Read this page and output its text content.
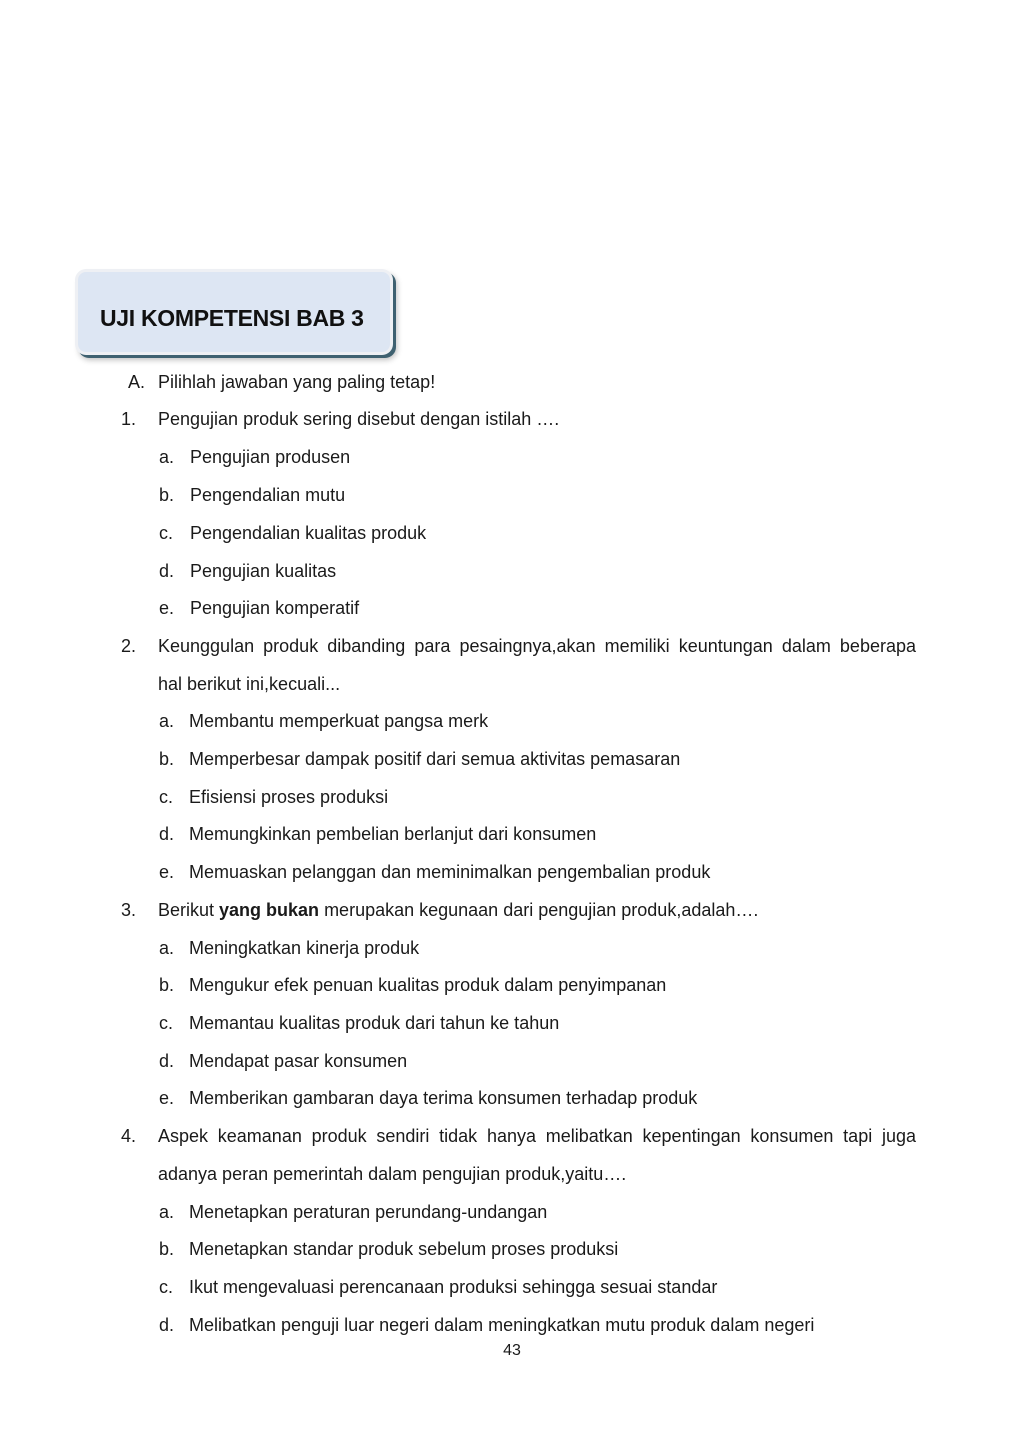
UJI KOMPETENSI BAB 3
A. Pilihlah jawaban yang paling tetap!
1. Pengujian produk sering disebut dengan istilah ….
a. Pengujian produsen
b. Pengendalian mutu
c. Pengendalian kualitas produk
d. Pengujian kualitas
e. Pengujian komperatif
2. Keunggulan produk dibanding para pesaingnya,akan memiliki keuntungan dalam beberapa
hal berikut ini,kecuali...
a. Membantu memperkuat pangsa merk
b. Memperbesar dampak positif dari semua aktivitas pemasaran
c. Efisiensi proses produksi
d. Memungkinkan pembelian berlanjut dari konsumen
e. Memuaskan pelanggan dan meminimalkan pengembalian produk
3. Berikut yang bukan merupakan kegunaan dari pengujian produk,adalah….
a. Meningkatkan kinerja produk
b. Mengukur efek penuan kualitas produk dalam penyimpanan
c. Memantau kualitas produk dari tahun ke tahun
d. Mendapat pasar konsumen
e. Memberikan gambaran daya terima konsumen terhadap produk
4. Aspek keamanan produk sendiri tidak hanya melibatkan kepentingan konsumen tapi juga
adanya peran pemerintah dalam pengujian produk,yaitu….
a. Menetapkan peraturan perundang-undangan
b. Menetapkan standar produk sebelum proses produksi
c. Ikut mengevaluasi perencanaan produksi sehingga sesuai standar
d. Melibatkan penguji luar negeri dalam meningkatkan mutu produk dalam negeri
43
